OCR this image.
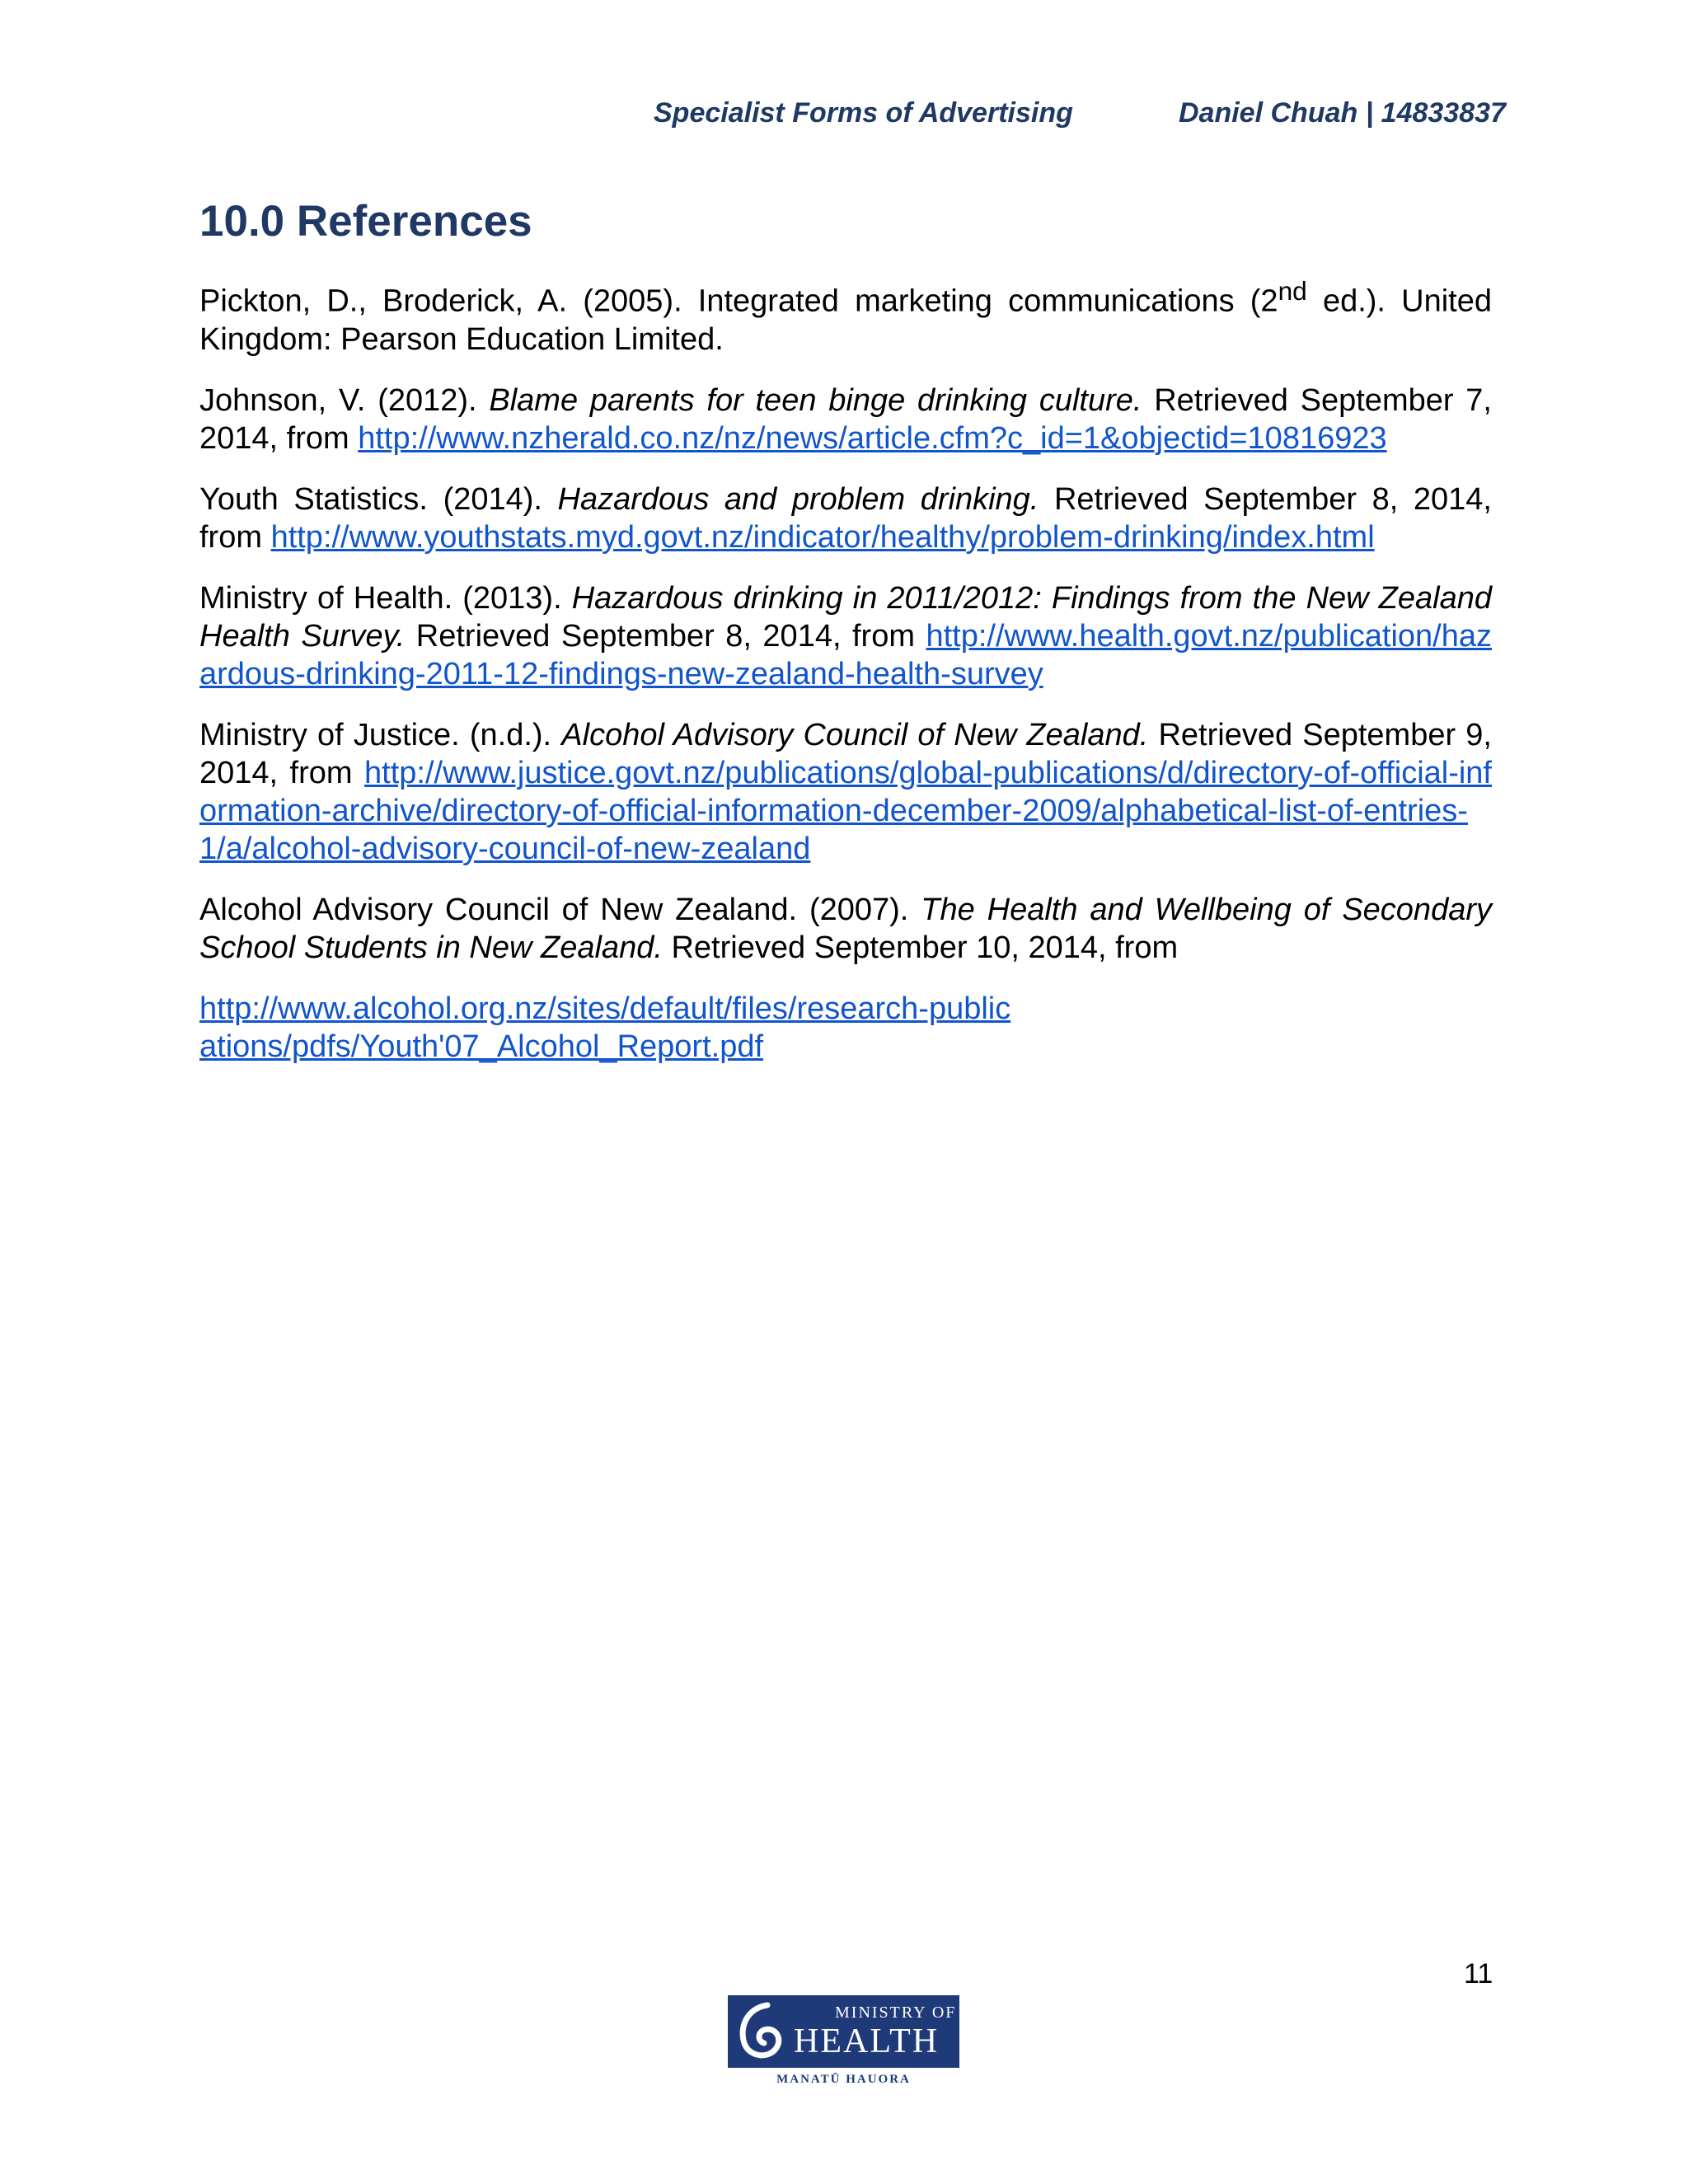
Specialist Forms of Advertising	Daniel Chuah | 14833837
10.0 References

Pickton, D., Broderick, A. (2005). Integrated marketing communications (2nd ed.). United Kingdom: Pearson Education Limited.

Johnson, V. (2012). Blame parents for teen binge drinking culture. Retrieved September 7, 2014, from http://www.nzherald.co.nz/nz/news/article.cfm?c_id=1&objectid=10816923

Youth Statistics. (2014). Hazardous and problem drinking. Retrieved September 8, 2014, from http://www.youthstats.myd.govt.nz/indicator/healthy/problem-drinking/index.html

Ministry of Health. (2013). Hazardous drinking in 2011/2012: Findings from the New Zealand Health Survey. Retrieved September 8, 2014, from http://www.health.govt.nz/publication/hazardous-drinking-2011-12-findings-new-zealand-health-survey

Ministry of Justice. (n.d.). Alcohol Advisory Council of New Zealand. Retrieved September 9, 2014, from http://www.justice.govt.nz/publications/global-publications/d/directory-of-official-information-archive/directory-of-official-information-december-2009/alphabetical-list-of-entries-1/a/alcohol-advisory-council-of-new-zealand

Alcohol Advisory Council of New Zealand. (2007). The Health and Wellbeing of Secondary School Students in New Zealand. Retrieved September 10, 2014, from

http://www.alcohol.org.nz/sites/default/files/research-publications/pdfs/Youth'07_Alcohol_Report.pdf
11
MINISTRY OF
HEALTH
MANATŪ HAUORA
